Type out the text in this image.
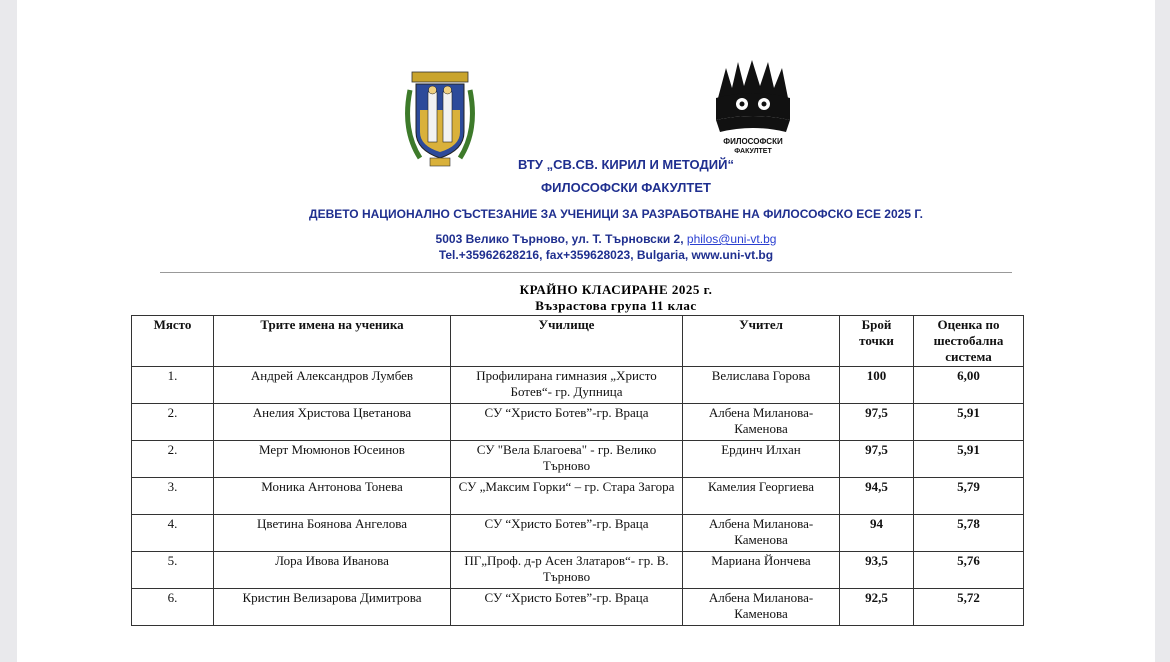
ФИЛОСОФСКИ
ФАКУЛТЕТ
ВТУ „СВ.СВ. КИРИЛ И МЕТОДИЙ“
ФИЛОСОФСКИ ФАКУЛТЕТ
ДЕВЕТО НАЦИОНАЛНО СЪСТЕЗАНИЕ ЗА УЧЕНИЦИ ЗА РАЗРАБОТВАНЕ НА ФИЛОСОФСКО ЕСЕ 2025 Г.
5003 Велико Търново, ул. Т. Търновски 2, philos@uni-vt.bg
Tel.+35962628216, fax+359628023, Bulgaria, www.uni-vt.bg
КРАЙНО КЛАСИРАНЕ 2025 г.
Възрастова група 11 клас
Място	Трите имена на ученика	Училище	Учител	Брой точки	Оценка по шестобална система
1.	Андрей Александров Лумбев	Профилирана гимназия „Христо Ботев“- гр. Дупница	Велислава Горова	100	6,00
2.	Анелия Христова Цветанова	СУ “Христо Ботев”-гр. Враца	Албена Миланова-Каменова	97,5	5,91
2.	Мерт Мюмюнов Юсеинов	СУ "Вела Благоева" - гр. Велико Търново	Ердинч Илхан	97,5	5,91
3.	Моника Антонова Тонева	СУ „Максим Горки“ – гр. Стара Загора	Камелия Георгиева	94,5	5,79
4.	Цветина Боянова Ангелова	СУ “Христо Ботев”-гр. Враца	Албена Миланова-Каменова	94	5,78
5.	Лора Ивова Иванова	ПГ„Проф. д-р Асен Златаров“- гр. В. Търново	Мариана Йончева	93,5	5,76
6.	Кристин Велизарова Димитрова	СУ “Христо Ботев”-гр. Враца	Албена Миланова-Каменова	92,5	5,72
